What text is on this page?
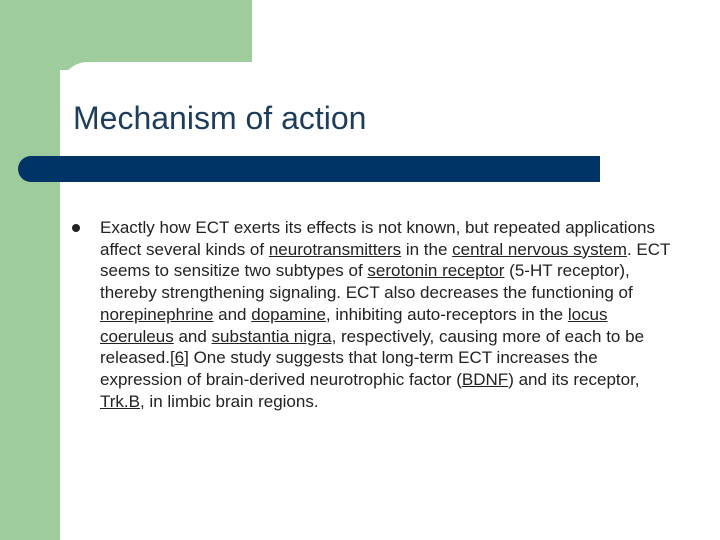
Mechanism of action

Exactly how ECT exerts its effects is not known, but repeated applications affect several kinds of neurotransmitters in the central nervous system. ECT seems to sensitize two subtypes of serotonin receptor (5-HT receptor), thereby strengthening signaling. ECT also decreases the functioning of norepinephrine and dopamine, inhibiting auto-receptors in the locus coeruleus and substantia nigra, respectively, causing more of each to be released.[6] One study suggests that long-term ECT increases the expression of brain-derived neurotrophic factor (BDNF) and its receptor, Trk.B, in limbic brain regions.
